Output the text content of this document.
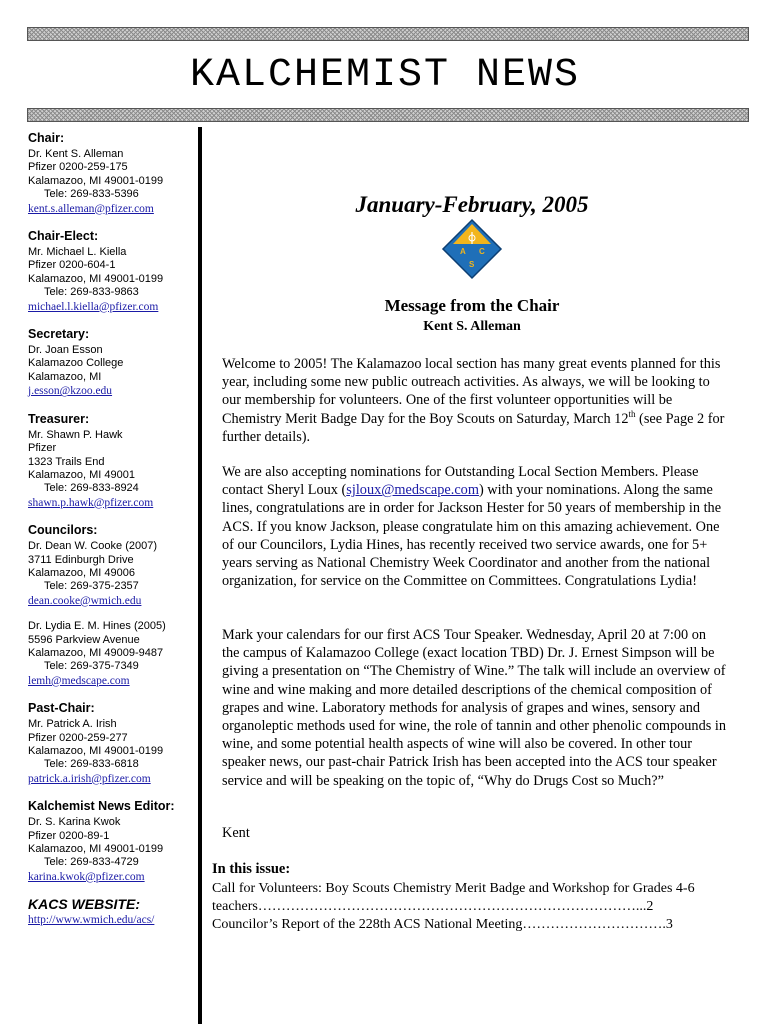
KALCHEMIST NEWS
Chair:
Dr. Kent S. Alleman
Pfizer 0200-259-175
Kalamazoo, MI 49001-0199
Tele: 269-833-5396
kent.s.alleman@pfizer.com
Chair-Elect:
Mr. Michael L. Kiella
Pfizer 0200-604-1
Kalamazoo, MI 49001-0199
Tele: 269-833-9863
michael.l.kiella@pfizer.com
Secretary:
Dr. Joan Esson
Kalamazoo College
Kalamazoo, MI
j.esson@kzoo.edu
Treasurer:
Mr. Shawn P. Hawk
Pfizer
1323 Trails End
Kalamazoo, MI 49001
Tele: 269-833-8924
shawn.p.hawk@pfizer.com
Councilors:
Dr. Dean W. Cooke (2007)
3711 Edinburgh Drive
Kalamazoo, MI 49006
Tele: 269-375-2357
dean.cooke@wmich.edu
Dr. Lydia E. M. Hines (2005)
5596 Parkview Avenue
Kalamazoo, MI 49009-9487
Tele: 269-375-7349
lemh@medscape.com
Past-Chair:
Mr. Patrick A. Irish
Pfizer 0200-259-277
Kalamazoo, MI 49001-0199
Tele: 269-833-6818
patrick.a.irish@pfizer.com
Kalchemist News Editor:
Dr. S. Karina Kwok
Pfizer 0200-89-1
Kalamazoo, MI 49001-0199
Tele: 269-833-4729
karina.kwok@pfizer.com
KACS WEBSITE:
http://www.wmich.edu/acs/
January-February, 2005
A C
S
Message from the Chair
Kent S. Alleman
Welcome to 2005! The Kalamazoo local section has many great events planned for this year, including some new public outreach activities. As always, we will be looking to our membership for volunteers. One of the first volunteer opportunities will be Chemistry Merit Badge Day for the Boy Scouts on Saturday, March 12th (see Page 2 for further details).
We are also accepting nominations for Outstanding Local Section Members. Please contact Sheryl Loux (sjloux@medscape.com) with your nominations. Along the same lines, congratulations are in order for Jackson Hester for 50 years of membership in the ACS. If you know Jackson, please congratulate him on this amazing achievement. One of our Councilors, Lydia Hines, has recently received two service awards, one for 5+ years serving as National Chemistry Week Coordinator and another from the national organization, for service on the Committee on Committees. Congratulations Lydia!
Mark your calendars for our first ACS Tour Speaker. Wednesday, April 20 at 7:00 on the campus of Kalamazoo College (exact location TBD) Dr. J. Ernest Simpson will be giving a presentation on “The Chemistry of Wine.” The talk will include an overview of wine and wine making and more detailed descriptions of the chemical composition of grapes and wine. Laboratory methods for analysis of grapes and wines, sensory and organoleptic methods used for wine, the role of tannin and other phenolic compounds in wine, and some potential health aspects of wine will also be covered. In other tour speaker news, our past-chair Patrick Irish has been accepted into the ACS tour speaker service and will be speaking on the topic of, “Why do Drugs Cost so Much?”
Kent
In this issue:
Call for Volunteers: Boy Scouts Chemistry Merit Badge and Workshop for Grades 4-6 teachers………………………………………………………………………...2
Councilor’s Report of the 228th ACS National Meeting………………………….3
